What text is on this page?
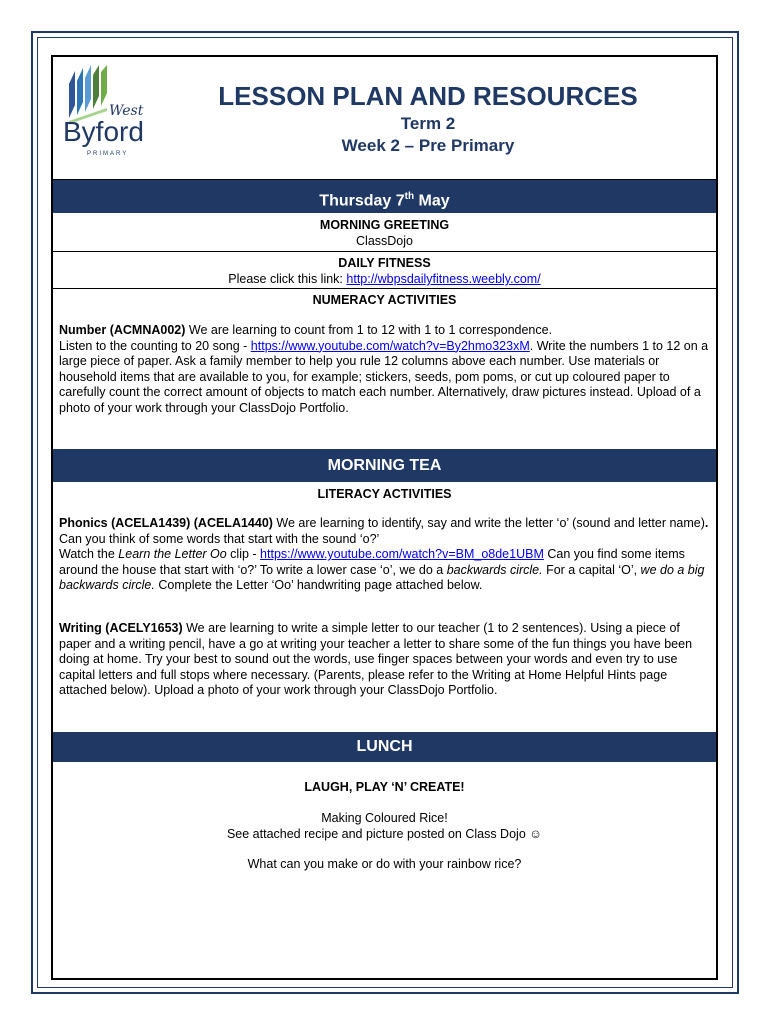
West
Byford
PRIMARY
LESSON PLAN AND RESOURCES
Term 2
Week 2 – Pre Primary
Thursday 7th May
MORNING GREETING
ClassDojo
DAILY FITNESS
Please click this link: http://wbpsdailyfitness.weebly.com/
NUMERACY ACTIVITIES
Number (ACMNA002) We are learning to count from 1 to 12 with 1 to 1 correspondence.
Listen to the counting to 20 song - https://www.youtube.com/watch?v=By2hmo323xM. Write the numbers 1 to 12 on a large piece of paper. Ask a family member to help you rule 12 columns above each number. Use materials or household items that are available to you, for example; stickers, seeds, pom poms, or cut up coloured paper to carefully count the correct amount of objects to match each number. Alternatively, draw pictures instead. Upload of a photo of your work through your ClassDojo Portfolio.
MORNING TEA
LITERACY ACTIVITIES
Phonics (ACELA1439) (ACELA1440) We are learning to identify, say and write the letter ‘o’ (sound and letter name). Can you think of some words that start with the sound ‘o?’
Watch the Learn the Letter Oo clip - https://www.youtube.com/watch?v=BM_o8de1UBM Can you find some items around the house that start with ‘o?’ To write a lower case ‘o’, we do a backwards circle. For a capital ‘O’, we do a big backwards circle. Complete the Letter ‘Oo’ handwriting page attached below.
Writing (ACELY1653) We are learning to write a simple letter to our teacher (1 to 2 sentences). Using a piece of paper and a writing pencil, have a go at writing your teacher a letter to share some of the fun things you have been doing at home. Try your best to sound out the words, use finger spaces between your words and even try to use capital letters and full stops where necessary. (Parents, please refer to the Writing at Home Helpful Hints page attached below). Upload a photo of your work through your ClassDojo Portfolio.
LUNCH
LAUGH, PLAY ‘N’ CREATE!
Making Coloured Rice!
See attached recipe and picture posted on Class Dojo ☺
What can you make or do with your rainbow rice?
